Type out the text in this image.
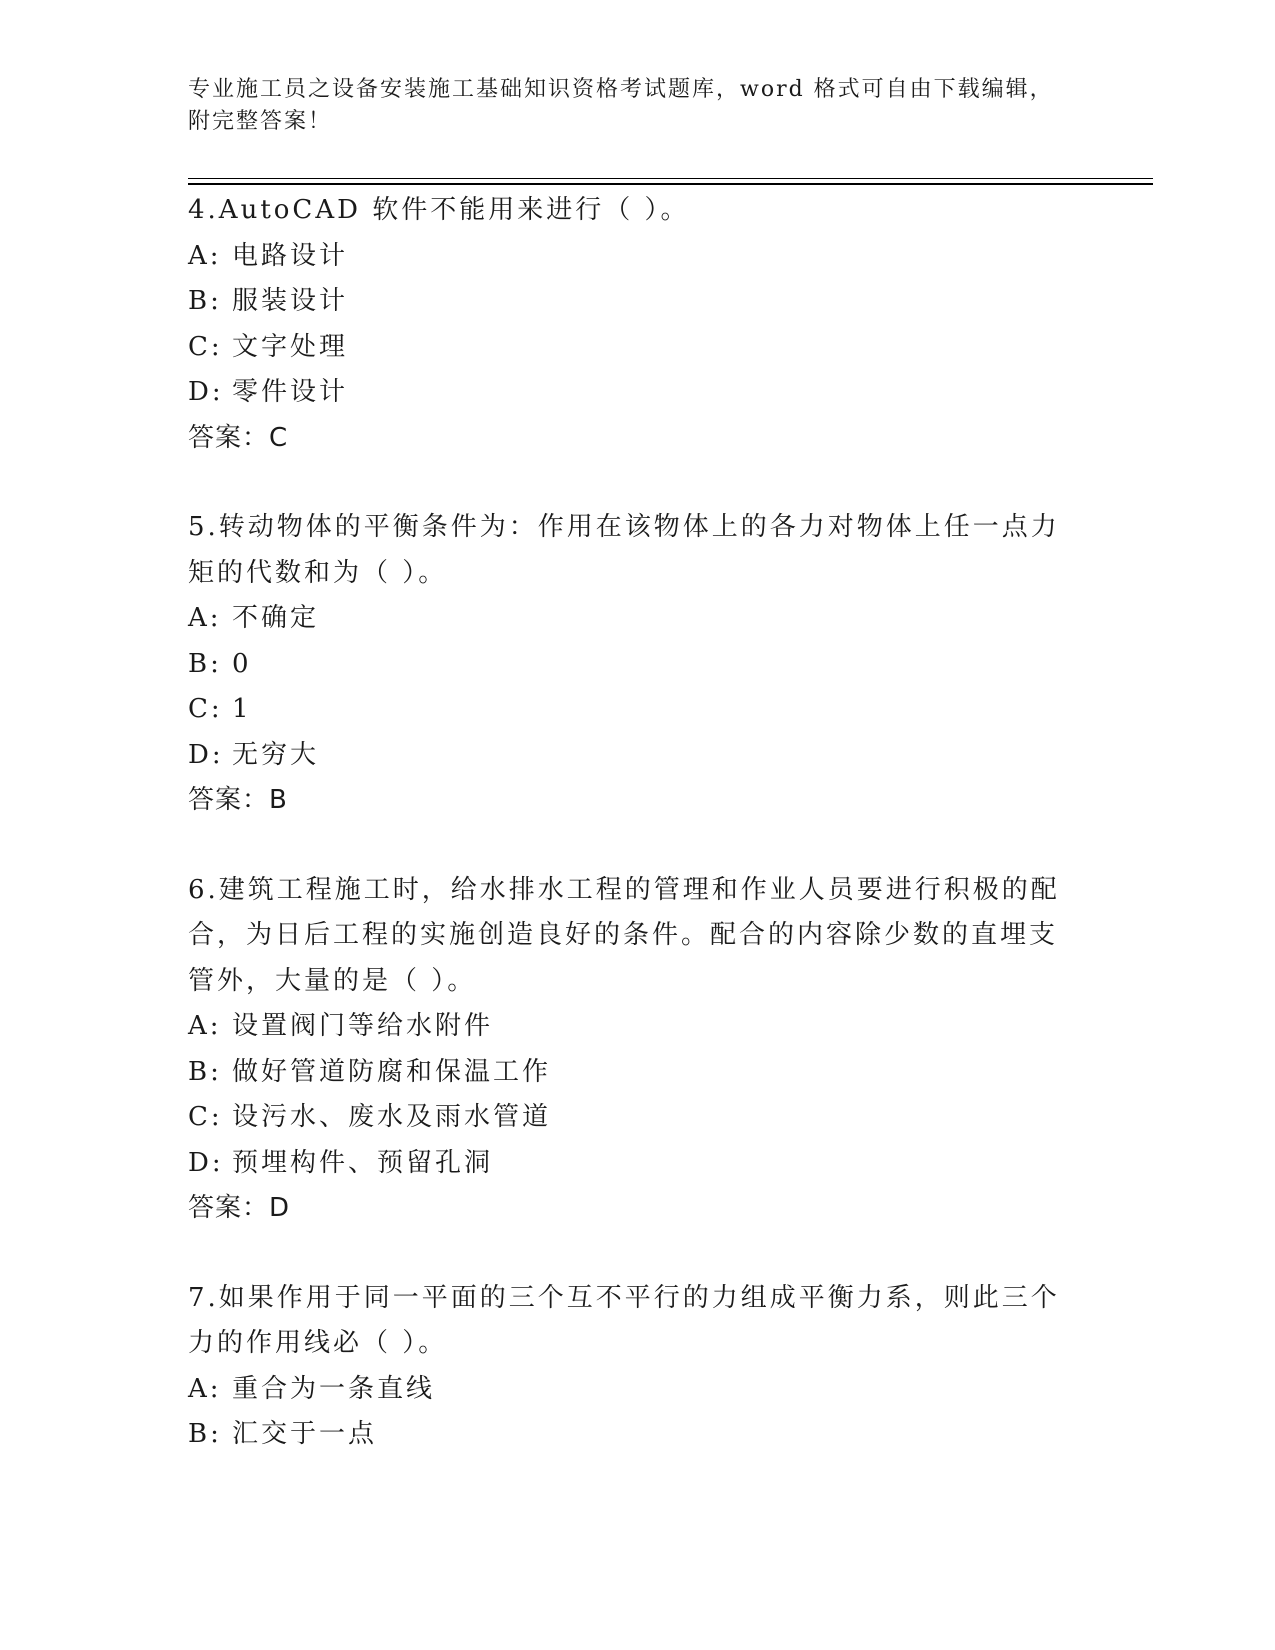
专业施工员之设备安装施工基础知识资格考试题库，word 格式可自由下载编辑，
附完整答案！
4.AutoCAD 软件不能用来进行（ ）。
A: 电路设计
B: 服装设计
C: 文字处理
D: 零件设计
答案：C
5.转动物体的平衡条件为：作用在该物体上的各力对物体上任一点力
矩的代数和为（ ）。
A: 不确定
B: 0
C: 1
D: 无穷大
答案：B
6.建筑工程施工时，给水排水工程的管理和作业人员要进行积极的配
合，为日后工程的实施创造良好的条件。配合的内容除少数的直埋支
管外，大量的是（ ）。
A: 设置阀门等给水附件
B: 做好管道防腐和保温工作
C: 设污水、废水及雨水管道
D: 预埋构件、预留孔洞
答案：D
7.如果作用于同一平面的三个互不平行的力组成平衡力系，则此三个
力的作用线必（ ）。
A: 重合为一条直线
B: 汇交于一点
